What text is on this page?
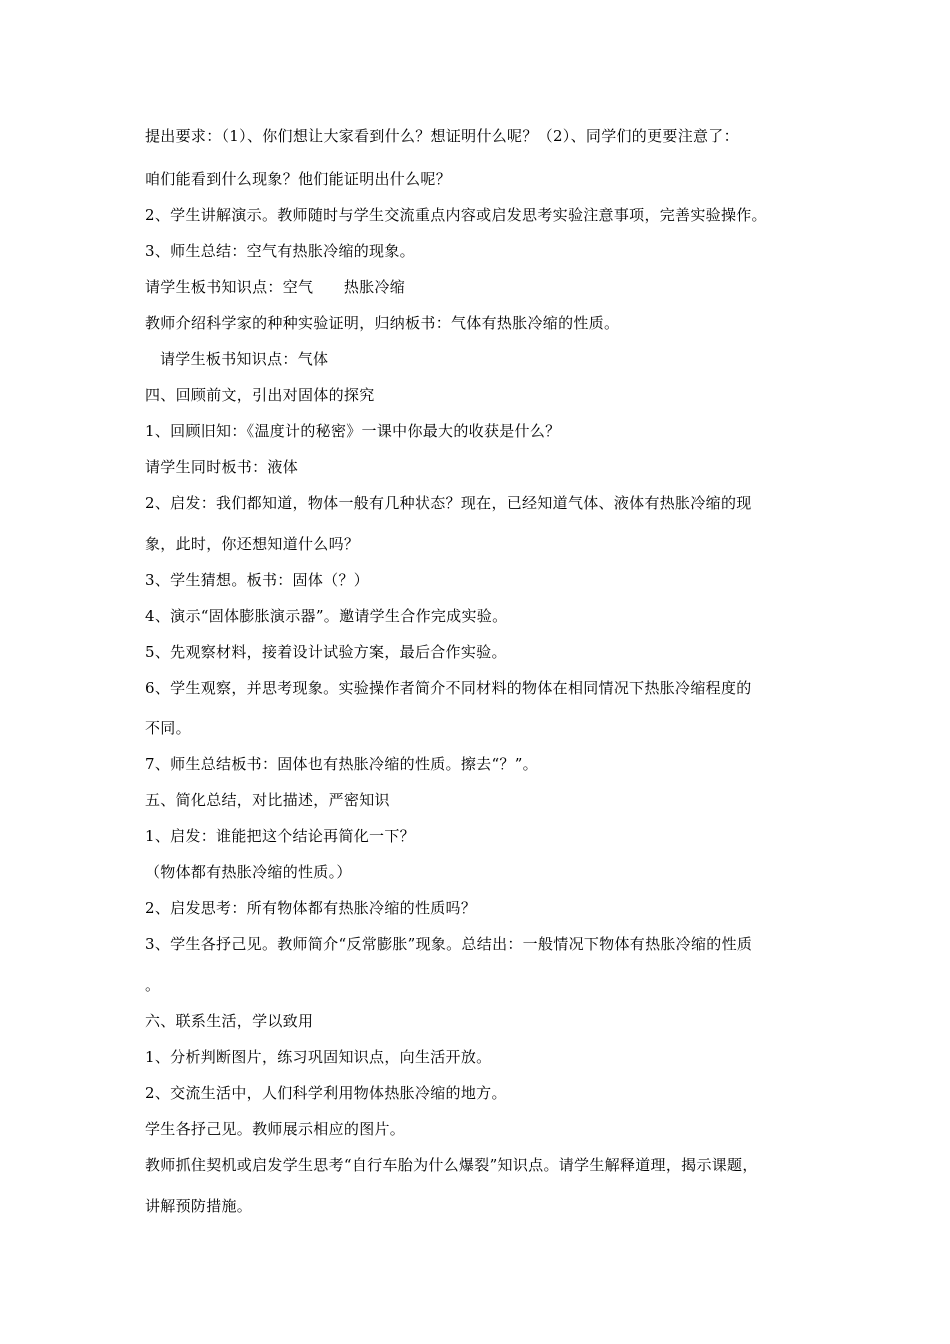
提出要求：（1）、你们想让大家看到什么？想证明什么呢？（2）、同学们的更要注意了：
咱们能看到什么现象？他们能证明出什么呢？
2、学生讲解演示。教师随时与学生交流重点内容或启发思考实验注意事项，完善实验操作。
3、师生总结：空气有热胀冷缩的现象。
请学生板书知识点：空气　　热胀冷缩
教师介绍科学家的种种实验证明，归纳板书：气体有热胀冷缩的性质。
请学生板书知识点：气体
四、回顾前文，引出对固体的探究
1、回顾旧知：《温度计的秘密》一课中你最大的收获是什么？
请学生同时板书：液体
2、启发：我们都知道，物体一般有几种状态？现在，已经知道气体、液体有热胀冷缩的现
象，此时，你还想知道什么吗？
3、学生猜想。板书：固体（？）
4、演示“固体膨胀演示器”。邀请学生合作完成实验。
5、先观察材料，接着设计试验方案，最后合作实验。
6、学生观察，并思考现象。实验操作者简介不同材料的物体在相同情况下热胀冷缩程度的
不同。
7、师生总结板书：固体也有热胀冷缩的性质。擦去“？”。
五、简化总结，对比描述，严密知识
1、启发：谁能把这个结论再简化一下？
（物体都有热胀冷缩的性质。）
2、启发思考：所有物体都有热胀冷缩的性质吗？
3、学生各抒己见。教师简介“反常膨胀”现象。总结出：一般情况下物体有热胀冷缩的性质
。
六、联系生活，学以致用
1、分析判断图片，练习巩固知识点，向生活开放。
2、交流生活中，人们科学利用物体热胀冷缩的地方。
学生各抒己见。教师展示相应的图片。
教师抓住契机或启发学生思考“自行车胎为什么爆裂”知识点。请学生解释道理，揭示课题，
讲解预防措施。
